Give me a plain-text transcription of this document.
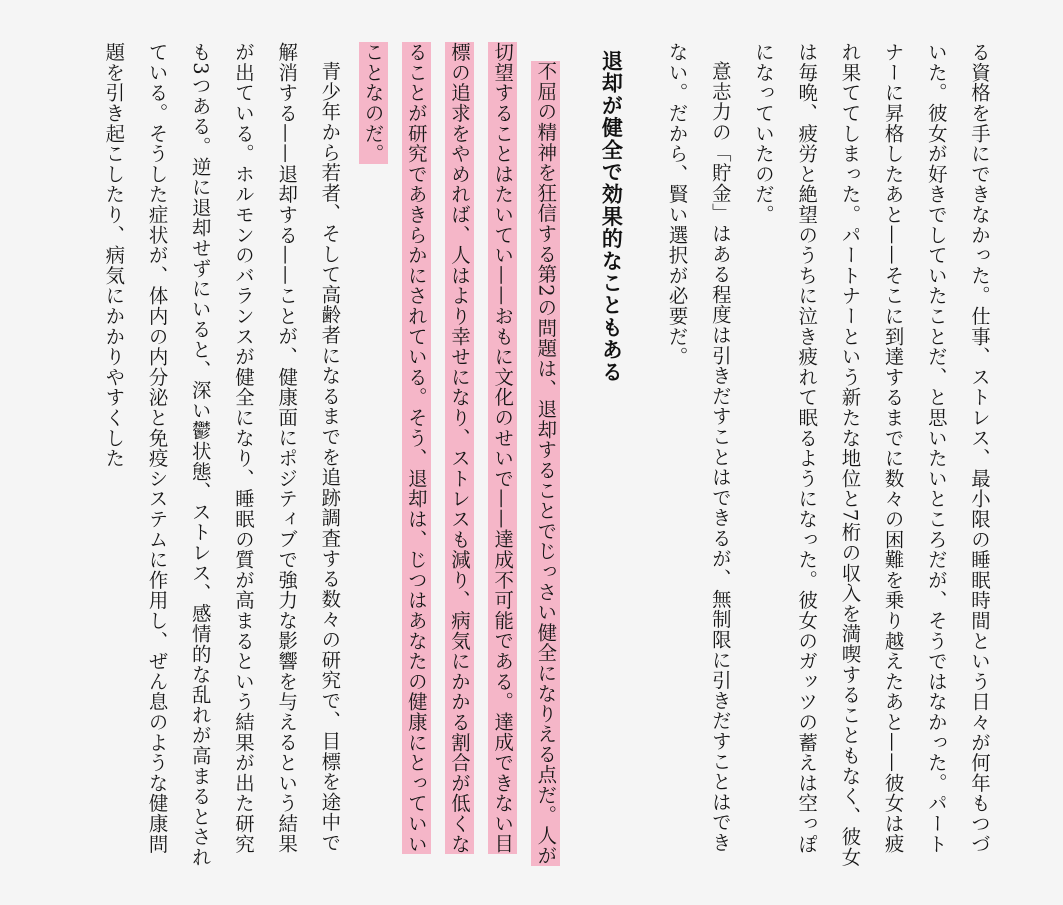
る資格を手にできなかった。仕事、ストレス、最小限の睡眠時間という日々が何年もつづいた。彼女が好きでしていたことだ、と思いたいところだが、そうではなかった。パートナーに昇格したあと——そこに到達するまでに数々の困難を乗り越えたあと——彼女は疲れ果ててしまった。パートナーという新たな地位と7桁の収入を満喫することもなく、彼女は毎晩、疲労と絶望のうちに泣き疲れて眠るようになった。彼女のガッツの蓄えは空っぽになっていたのだ。

意志力の「貯金」はある程度は引きだすことはできるが、無制限に引きだすことはできない。だから、賢い選択が必要だ。

退却が健全で効果的なこともある

不屈の精神を狂信する第2の問題は、退却することでじっさい健全になりえる点だ。人が切望することはたいてい——おもに文化のせいで——達成不可能である。達成できない目標の追求をやめれば、人はより幸せになり、ストレスも減り、病気にかかる割合が低くなることが研究であきらかにされている。そう、退却は、じつはあなたの健康にとっていいことなのだ。

青少年から若者、そして高齢者になるまでを追跡調査する数々の研究で、目標を途中で解消する——退却する——ことが、健康面にポジティブで強力な影響を与えるという結果が出ている。ホルモンのバランスが健全になり、睡眠の質が高まるという結果が出た研究も3つある。逆に退却せずにいると、深い鬱状態、ストレス、感情的な乱れが高まるとされている。そうした症状が、体内の内分泌と免疫システムに作用し、ぜん息のような健康問題を引き起こしたり、病気にかかりやすくした
